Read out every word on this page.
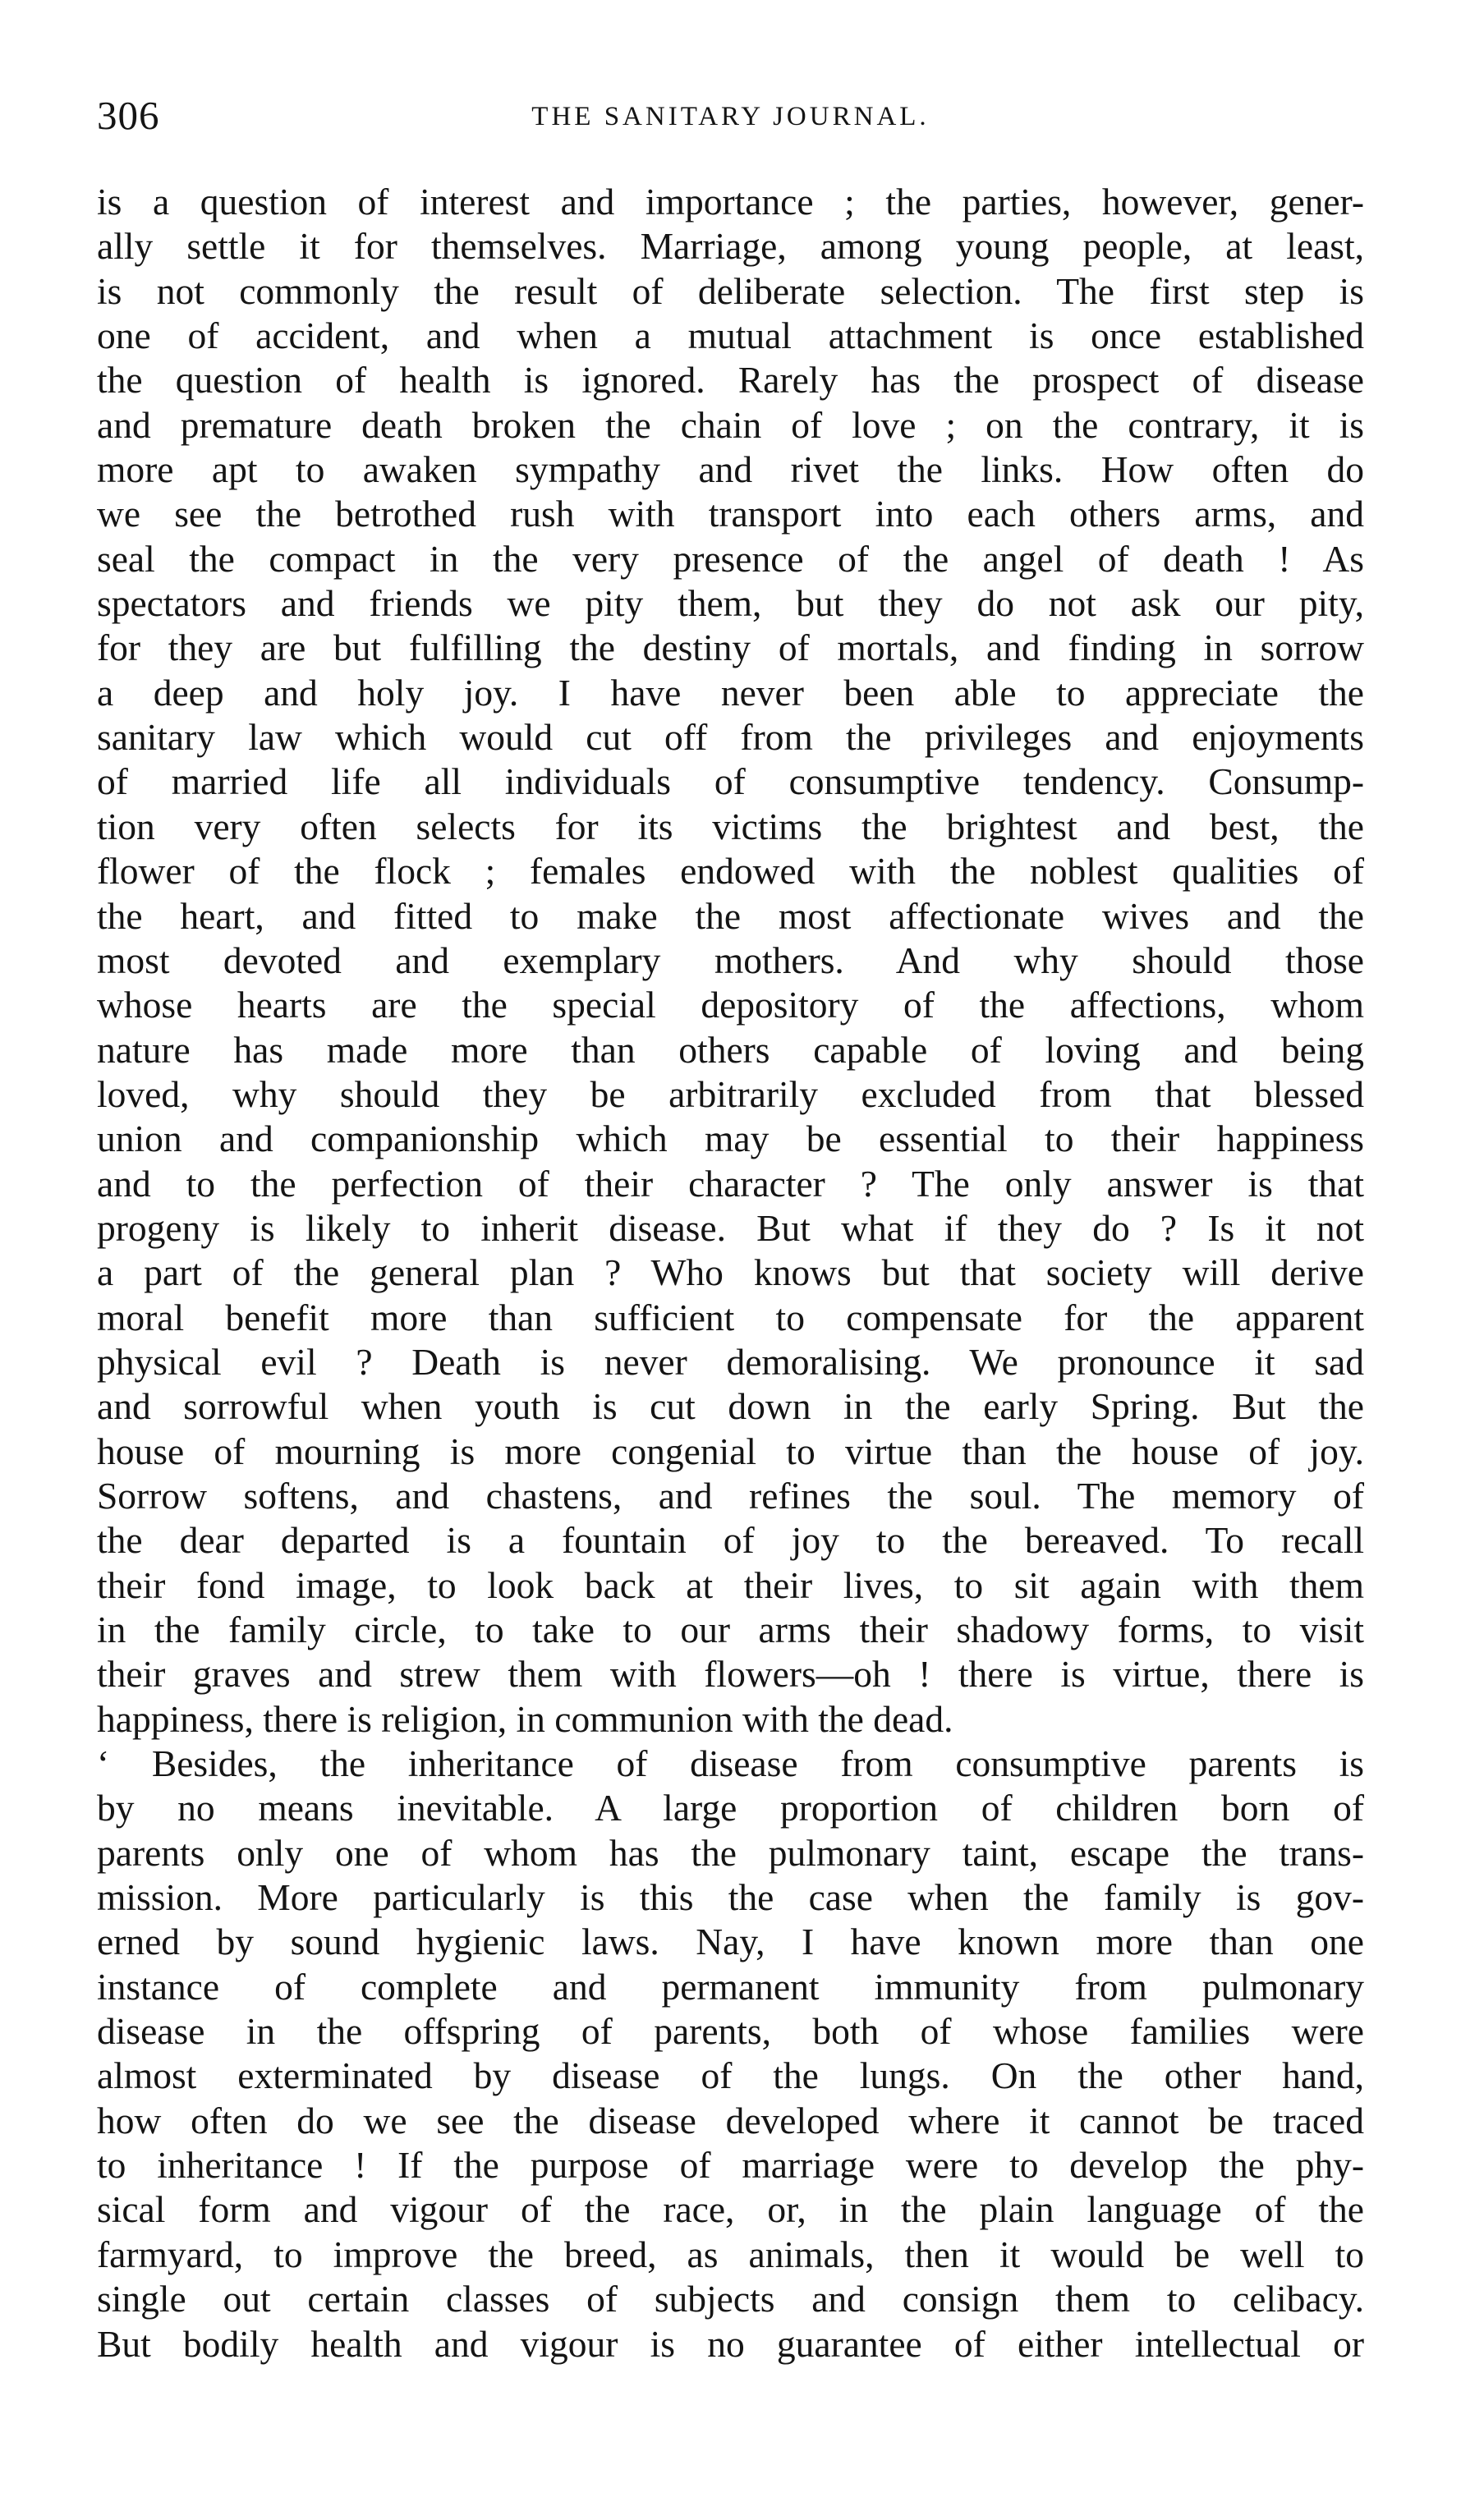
306	THE SANITARY JOURNAL.
is a question of interest and importance ; the parties, however, gener-
ally settle it for themselves. Marriage, among young people, at least,
is not commonly the result of deliberate selection. The first step is
one of accident, and when a mutual attachment is once established
the question of health is ignored. Rarely has the prospect of disease
and premature death broken the chain of love ; on the contrary, it is
more apt to awaken sympathy and rivet the links. How often do
we see the betrothed rush with transport into each others arms, and
seal the compact in the very presence of the angel of death ! As
spectators and friends we pity them, but they do not ask our pity,
for they are but fulfilling the destiny of mortals, and finding in sorrow
a deep and holy joy. I have never been able to appreciate the
sanitary law which would cut off from the privileges and enjoyments
of married life all individuals of consumptive tendency. Consump-
tion very often selects for its victims the brightest and best, the
flower of the flock ; females endowed with the noblest qualities of
the heart, and fitted to make the most affectionate wives and the
most devoted and exemplary mothers. And why should those
whose hearts are the special depository of the affections, whom
nature has made more than others capable of loving and being
loved, why should they be arbitrarily excluded from that blessed
union and companionship which may be essential to their happiness
and to the perfection of their character ? The only answer is that
progeny is likely to inherit disease. But what if they do ? Is it not
a part of the general plan ? Who knows but that society will derive
moral benefit more than sufficient to compensate for the apparent
physical evil ? Death is never demoralising. We pronounce it sad
and sorrowful when youth is cut down in the early Spring. But the
house of mourning is more congenial to virtue than the house of joy.
Sorrow softens, and chastens, and refines the soul. The memory of
the dear departed is a fountain of joy to the bereaved. To recall
their fond image, to look back at their lives, to sit again with them
in the family circle, to take to our arms their shadowy forms, to visit
their graves and strew them with flowers—oh ! there is virtue, there is
happiness, there is religion, in communion with the dead.
‘ Besides, the inheritance of disease from consumptive parents is
by no means inevitable. A large proportion of children born of
parents only one of whom has the pulmonary taint, escape the trans-
mission. More particularly is this the case when the family is gov-
erned by sound hygienic laws. Nay, I have known more than one
instance of complete and permanent immunity from pulmonary
disease in the offspring of parents, both of whose families were
almost exterminated by disease of the lungs. On the other hand,
how often do we see the disease developed where it cannot be traced
to inheritance ! If the purpose of marriage were to develop the phy-
sical form and vigour of the race, or, in the plain language of the
farmyard, to improve the breed, as animals, then it would be well to
single out certain classes of subjects and consign them to celibacy.
But bodily health and vigour is no guarantee of either intellectual or
